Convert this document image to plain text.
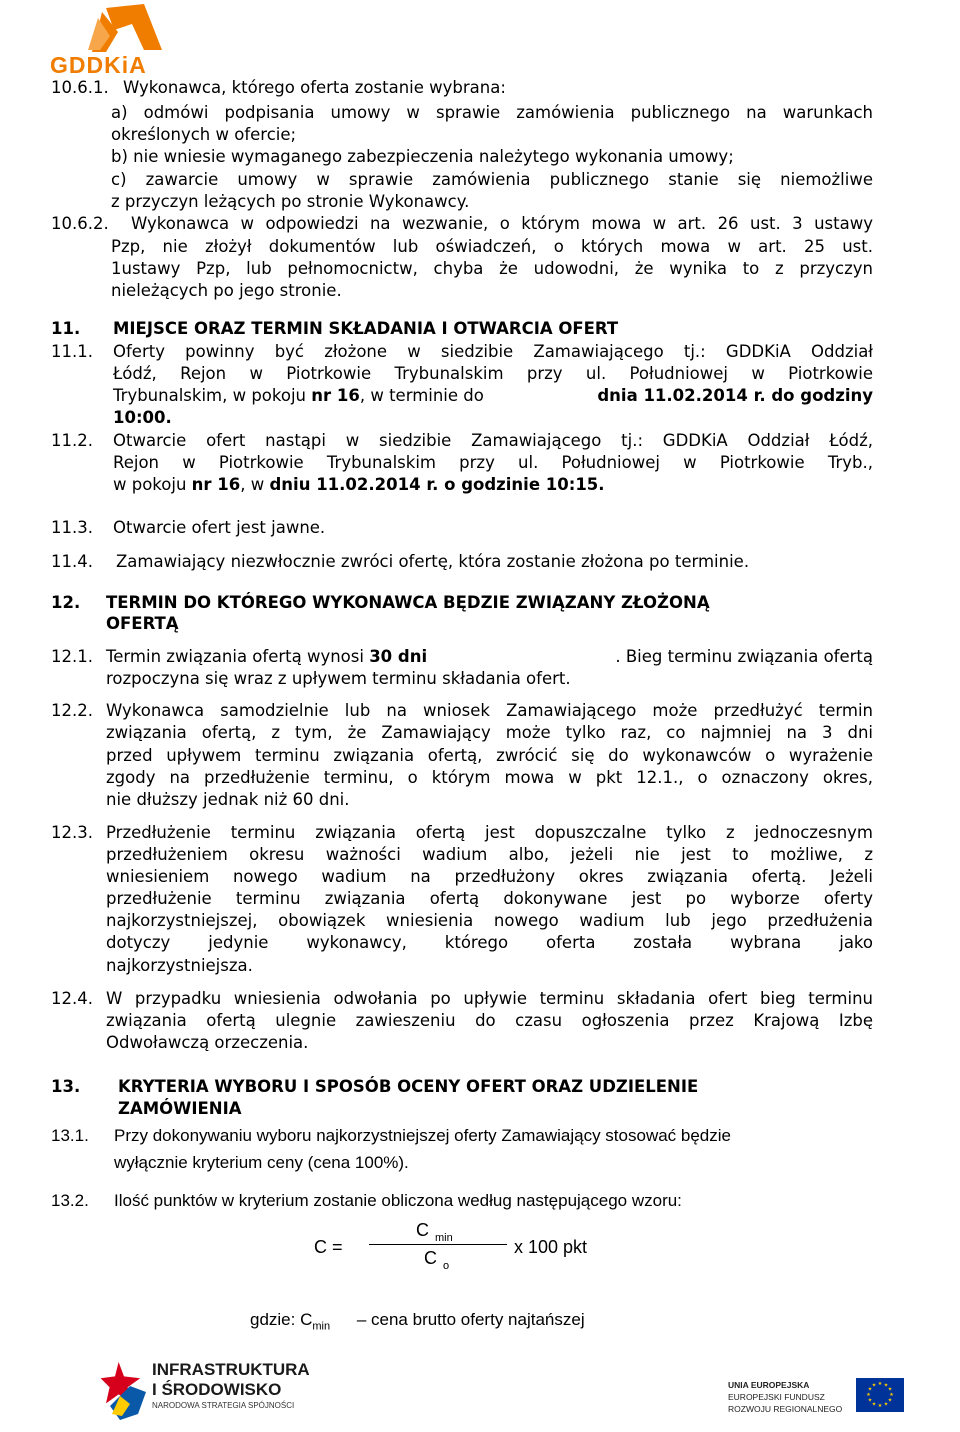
GDDKiA
10.6.1. Wykonawca, którego oferta zostanie wybrana:
a) odmówi podpisania umowy w sprawie zamówienia publicznego na warunkach
określonych w ofercie;
b) nie wniesie wymaganego zabezpieczenia należytego wykonania umowy;
c) zawarcie umowy w sprawie zamówienia publicznego stanie się niemożliwe
z przyczyn leżących po stronie Wykonawcy.
10.6.2. Wykonawca w odpowiedzi na wezwanie, o którym mowa w art. 26 ust. 3 ustawy
Pzp, nie złożył dokumentów lub oświadczeń, o których mowa w art. 25 ust.
1ustawy Pzp, lub pełnomocnictw, chyba że udowodni, że wynika to z przyczyn
nieleżących po jego stronie.
11. MIEJSCE ORAZ TERMIN SKŁADANIA I OTWARCIA OFERT
11.1. Oferty powinny być złożone w siedzibie Zamawiającego tj.: GDDKiA Oddział
Łódź, Rejon w Piotrkowie Trybunalskim przy ul. Południowej w Piotrkowie
Trybunalskim, w pokoju nr 16, w terminie do	dnia 11.02.2014 r. do godziny
10:00.
11.2. Otwarcie ofert nastąpi w siedzibie Zamawiającego tj.: GDDKiA Oddział Łódź,
Rejon w Piotrkowie Trybunalskim przy ul. Południowej w Piotrkowie Tryb.,
w pokoju nr 16, w dniu 11.02.2014 r. o godzinie 10:15.
11.3. Otwarcie ofert jest jawne.
11.4. Zamawiający niezwłocznie zwróci ofertę, która zostanie złożona po terminie.
12. TERMIN DO KTÓREGO WYKONAWCA BĘDZIE ZWIĄZANY ZŁOŻONĄ
OFERTĄ
12.1. Termin związania ofertą wynosi 30 dni	. Bieg terminu związania ofertą
rozpoczyna się wraz z upływem terminu składania ofert.
12.2. Wykonawca samodzielnie lub na wniosek Zamawiającego może przedłużyć termin
związania ofertą, z tym, że Zamawiający może tylko raz, co najmniej na 3 dni
przed upływem terminu związania ofertą, zwrócić się do wykonawców o wyrażenie
zgody na przedłużenie terminu, o którym mowa w pkt 12.1., o oznaczony okres,
nie dłuższy jednak niż 60 dni.
12.3. Przedłużenie terminu związania ofertą jest dopuszczalne tylko z jednoczesnym
przedłużeniem okresu ważności wadium albo, jeżeli nie jest to możliwe, z
wniesieniem nowego wadium na przedłużony okres związania ofertą. Jeżeli
przedłużenie terminu związania ofertą dokonywane jest po wyborze oferty
najkorzystniejszej, obowiązek wniesienia nowego wadium lub jego przedłużenia
dotyczy jedynie wykonawcy, którego oferta została wybrana jako
najkorzystniejsza.
12.4. W przypadku wniesienia odwołania po upływie terminu składania ofert bieg terminu
związania ofertą ulegnie zawieszeniu do czasu ogłoszenia przez Krajową Izbę
Odwoławczą orzeczenia.
13. KRYTERIA WYBORU I SPOSÓB OCENY OFERT ORAZ UDZIELENIE
ZAMÓWIENIA
13.1. Przy dokonywaniu wyboru najkorzystniejszej oferty Zamawiający stosować będzie
wyłącznie kryterium ceny (cena 100%).
13.2. Ilość punktów w kryterium zostanie obliczona według następującego wzoru:
C =
C $_{min}$
C $_o$
x 100 pkt
gdzie: $C_{min}$ – cena brutto oferty najtańszej
INFRASTRUKTURA
I ŚRODOWISKO
NARODOWA STRATEGIA SPÓJNOŚCI
UNIA EUROPEJSKA
EUROPEJSKI FUNDUSZ
ROZWOJU REGIONALNEGO
★ ★
★
★
★
★
★
★
★
★
★
★
